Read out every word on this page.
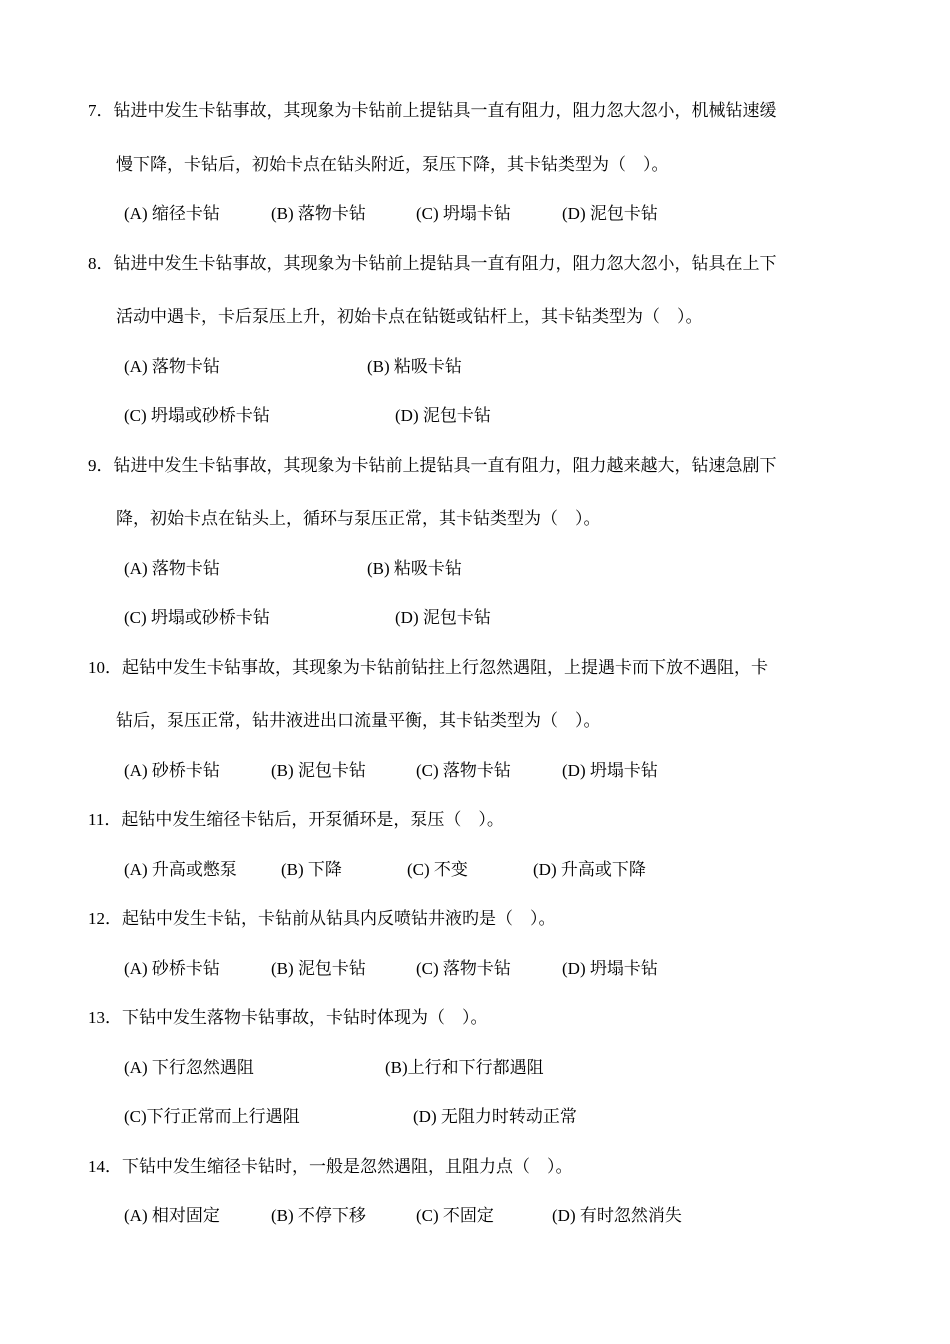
7．钻进中发生卡钻事故，其现象为卡钻前上提钻具一直有阻力，阻力忽大忽小，机械钻速缓
慢下降，卡钻后，初始卡点在钻头附近，泵压下降，其卡钻类型为（　）。
(A) 缩径卡钻	(B) 落物卡钻	(C) 坍塌卡钻	(D) 泥包卡钻
8．钻进中发生卡钻事故，其现象为卡钻前上提钻具一直有阻力，阻力忽大忽小，钻具在上下
活动中遇卡，卡后泵压上升，初始卡点在钻铤或钻杆上，其卡钻类型为（　）。
(A) 落物卡钻	(B) 粘吸卡钻
(C) 坍塌或砂桥卡钻	(D) 泥包卡钻
9．钻进中发生卡钻事故，其现象为卡钻前上提钻具一直有阻力，阻力越来越大，钻速急剧下
降，初始卡点在钻头上，循环与泵压正常，其卡钻类型为（　）。
(A) 落物卡钻	(B) 粘吸卡钻
(C) 坍塌或砂桥卡钻	(D) 泥包卡钻
10．起钻中发生卡钻事故，其现象为卡钻前钻拄上行忽然遇阻，上提遇卡而下放不遇阻，卡
钻后，泵压正常，钻井液进出口流量平衡，其卡钻类型为（　）。
(A) 砂桥卡钻	(B) 泥包卡钻	(C) 落物卡钻	(D) 坍塌卡钻
11．起钻中发生缩径卡钻后，开泵循环是，泵压（　）。
(A) 升高或憋泵	(B) 下降	(C) 不变	(D) 升高或下降
12．起钻中发生卡钻，卡钻前从钻具内反喷钻井液旳是（　）。
(A) 砂桥卡钻	(B) 泥包卡钻	(C) 落物卡钻	(D) 坍塌卡钻
13．下钻中发生落物卡钻事故，卡钻时体现为（　）。
(A) 下行忽然遇阻	(B)上行和下行都遇阻
(C)下行正常而上行遇阻	(D) 无阻力时转动正常
14．下钻中发生缩径卡钻时，一般是忽然遇阻，且阻力点（　）。
(A) 相对固定	(B) 不停下移	(C) 不固定	(D) 有时忽然消失
